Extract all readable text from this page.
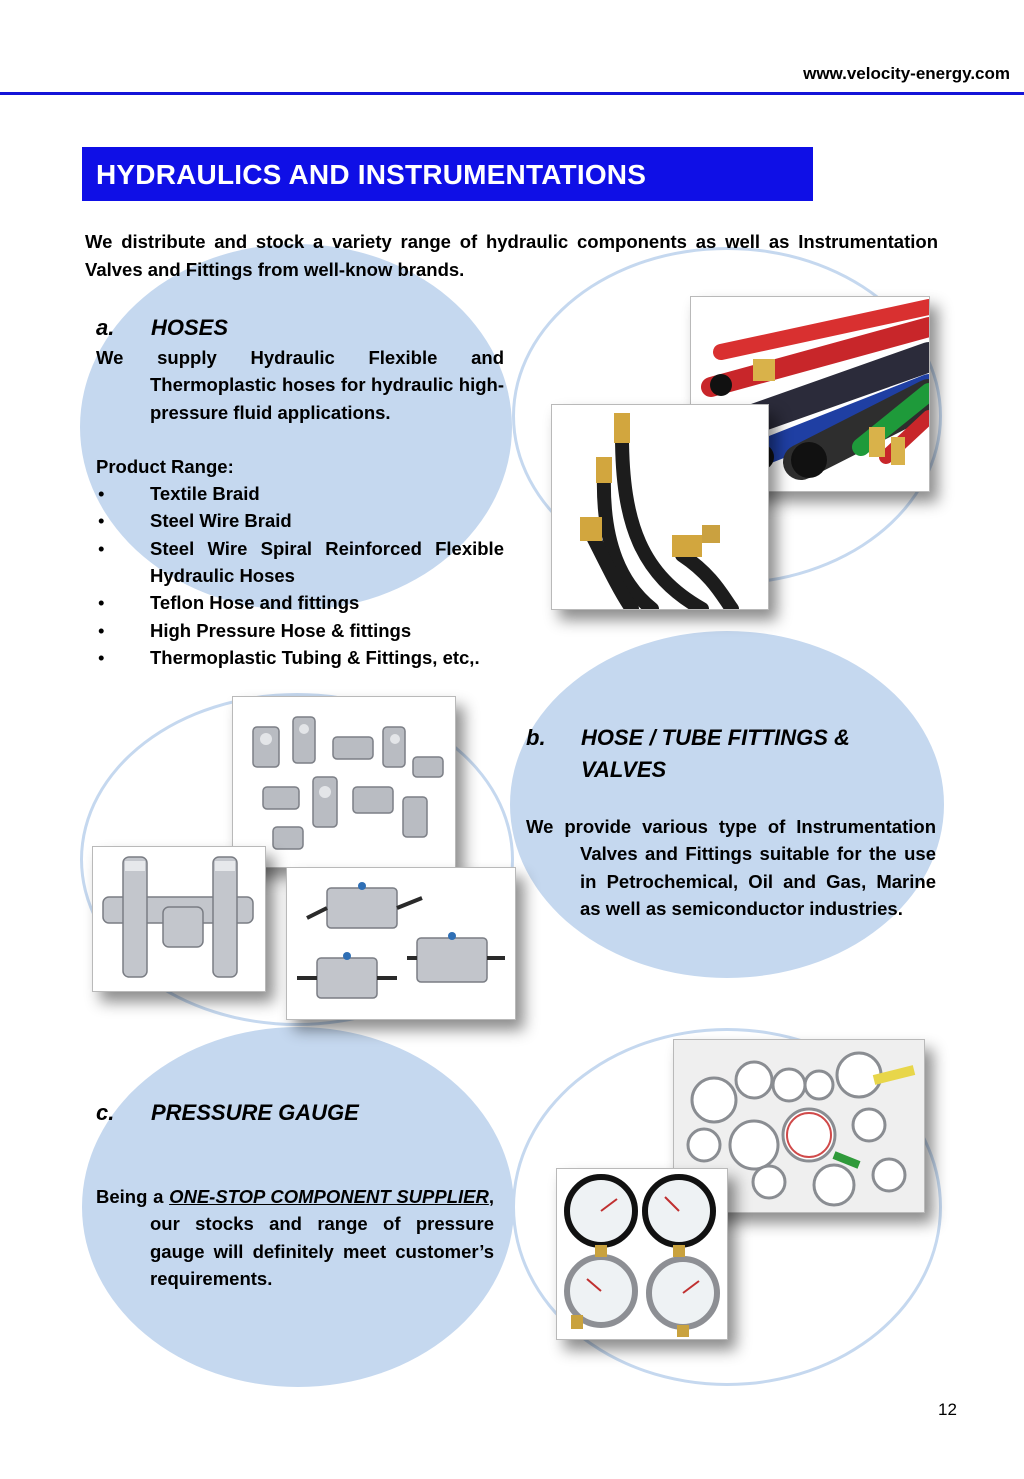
www.velocity-energy.com
HYDRAULICS AND INSTRUMENTATIONS
We distribute and stock a variety range of hydraulic components as well as Instrumentation Valves and Fittings from well-know brands.
a. HOSES
We supply Hydraulic Flexible and Thermoplastic hoses for hydraulic high-pressure fluid applications.
Product Range:
• Textile Braid
• Steel Wire Braid
• Steel Wire Spiral Reinforced Flexible Hydraulic Hoses
• Teflon Hose and fittings
• High Pressure Hose & fittings
• Thermoplastic Tubing & Fittings, etc,.
b. HOSE / TUBE FITTINGS &
VALVES
We provide various type of Instrumentation Valves and Fittings suitable for the use in Petrochemical, Oil and Gas, Marine as well as semiconductor industries.
c. PRESSURE GAUGE
Being a ONE-STOP COMPONENT SUPPLIER, our stocks and range of pressure gauge will definitely meet customer’s requirements.
12
